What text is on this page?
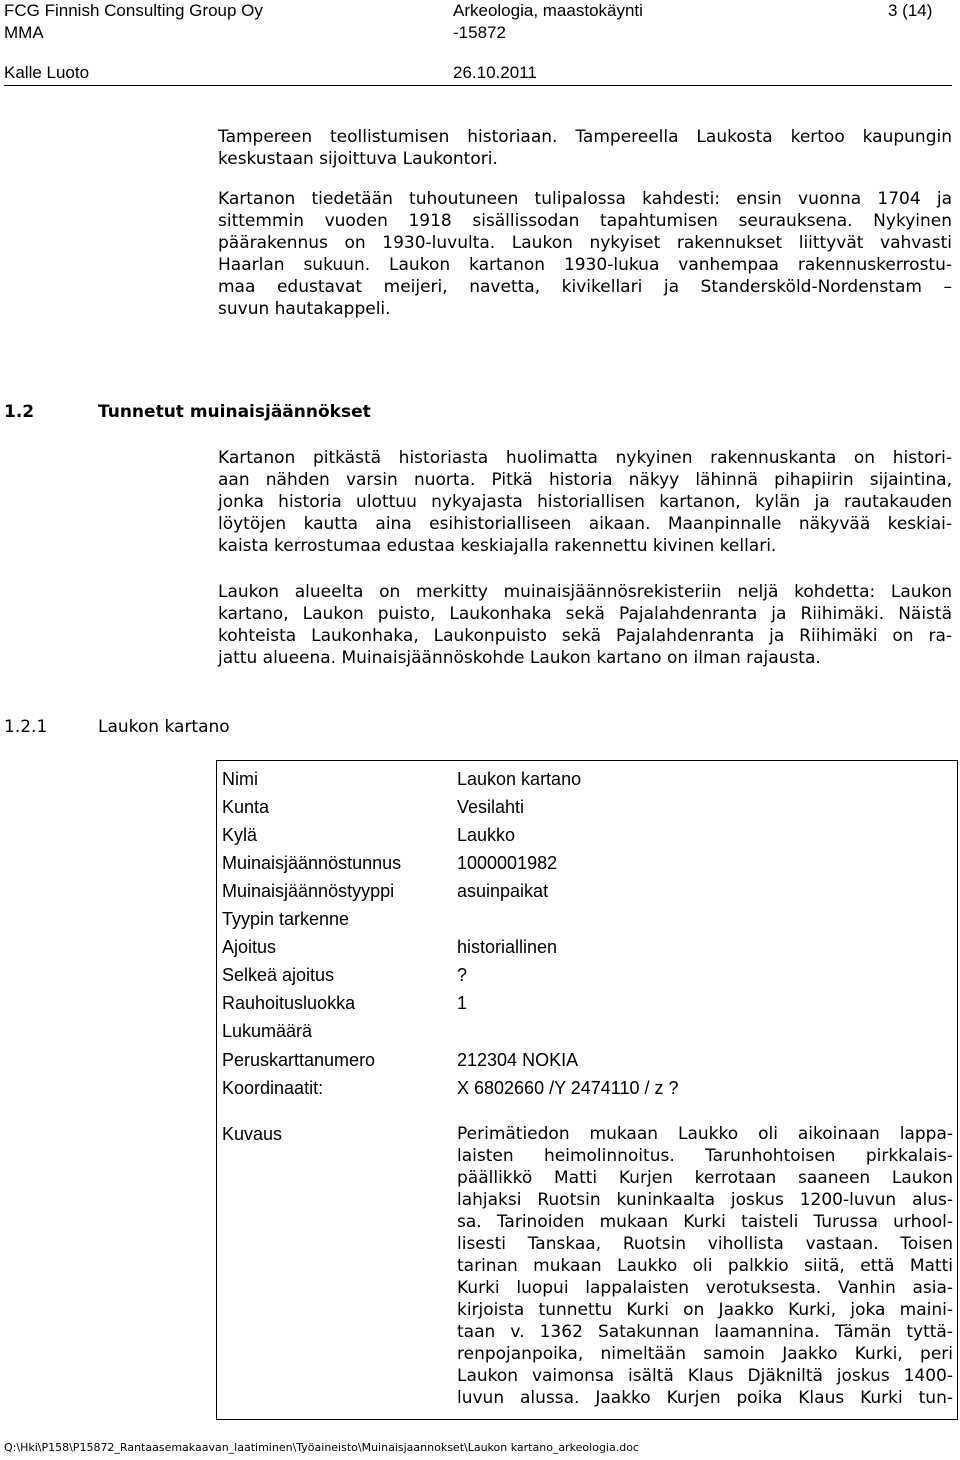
FCG Finnish Consulting Group Oy
MMA
Kalle Luoto
Arkeologia, maastokäynti
-15872
26.10.2011
3 (14)

Tampereen teollistumisen historiaan. Tampereella Laukosta kertoo kaupungin
keskustaan sijoittuva Laukontori.

Kartanon tiedetään tuhoutuneen tulipalossa kahdesti: ensin vuonna 1704 ja
sittemmin vuoden 1918 sisällissodan tapahtumisen seurauksena. Nykyinen
päärakennus on 1930-luvulta. Laukon nykyiset rakennukset liittyvät vahvasti
Haarlan sukuun. Laukon kartanon 1930-lukua vanhempaa rakennuskerrostu-
maa edustavat meijeri, navetta, kivikellari ja Standersköld-Nordenstam –
suvun hautakappeli.

1.2	Tunnetut muinaisjäännökset

Kartanon pitkästä historiasta huolimatta nykyinen rakennuskanta on histori-
aan nähden varsin nuorta. Pitkä historia näkyy lähinnä pihapiirin sijaintina,
jonka historia ulottuu nykyajasta historiallisen kartanon, kylän ja rautakauden
löytöjen kautta aina esihistorialliseen aikaan. Maanpinnalle näkyvää keskiai-
kaista kerrostumaa edustaa keskiajalla rakennettu kivinen kellari.

Laukon alueelta on merkitty muinaisjäännösrekisteriin neljä kohdetta: Laukon
kartano, Laukon puisto, Laukonhaka sekä Pajalahdenranta ja Riihimäki. Näistä
kohteista Laukonhaka, Laukonpuisto sekä Pajalahdenranta ja Riihimäki on ra-
jattu alueena. Muinaisjäännöskohde Laukon kartano on ilman rajausta.

1.2.1	Laukon kartano
Nimi	Laukon kartano
Kunta	Vesilahti
Kylä	Laukko
Muinaisjäännöstunnus	1000001982
Muinaisjäännöstyyppi	asuinpaikat
Tyypin tarkenne
Ajoitus	historiallinen
Selkeä ajoitus	?
Rauhoitusluokka	1
Lukumäärä
Peruskarttanumero	212304 NOKIA
Koordinaatit:	X 6802660 /Y 2474110 / z ?
Kuvaus	Perimätiedon mukaan Laukko oli aikoinaan lappa-
laisten heimolinnoitus. Tarunhohtoisen pirkkalais-
päällikkö Matti Kurjen kerrotaan saaneen Laukon
lahjaksi Ruotsin kuninkaalta joskus 1200-luvun alus-
sa. Tarinoiden mukaan Kurki taisteli Turussa urhool-
lisesti Tanskaa, Ruotsin vihollista vastaan. Toisen
tarinan mukaan Laukko oli palkkio siitä, että Matti
Kurki luopui lappalaisten verotuksesta. Vanhin asia-
kirjoista tunnettu Kurki on Jaakko Kurki, joka maini-
taan v. 1362 Satakunnan laamannina. Tämän tyttä-
renpojanpoika, nimeltään samoin Jaakko Kurki, peri
Laukon vaimonsa isältä Klaus Djäkniltä joskus 1400-
luvun alussa. Jaakko Kurjen poika Klaus Kurki tun-

Q:\Hki\P158\P15872_Rantaasemakaavan_laatiminen\Työaineisto\Muinaisjaannokset\Laukon kartano_arkeologia.doc
